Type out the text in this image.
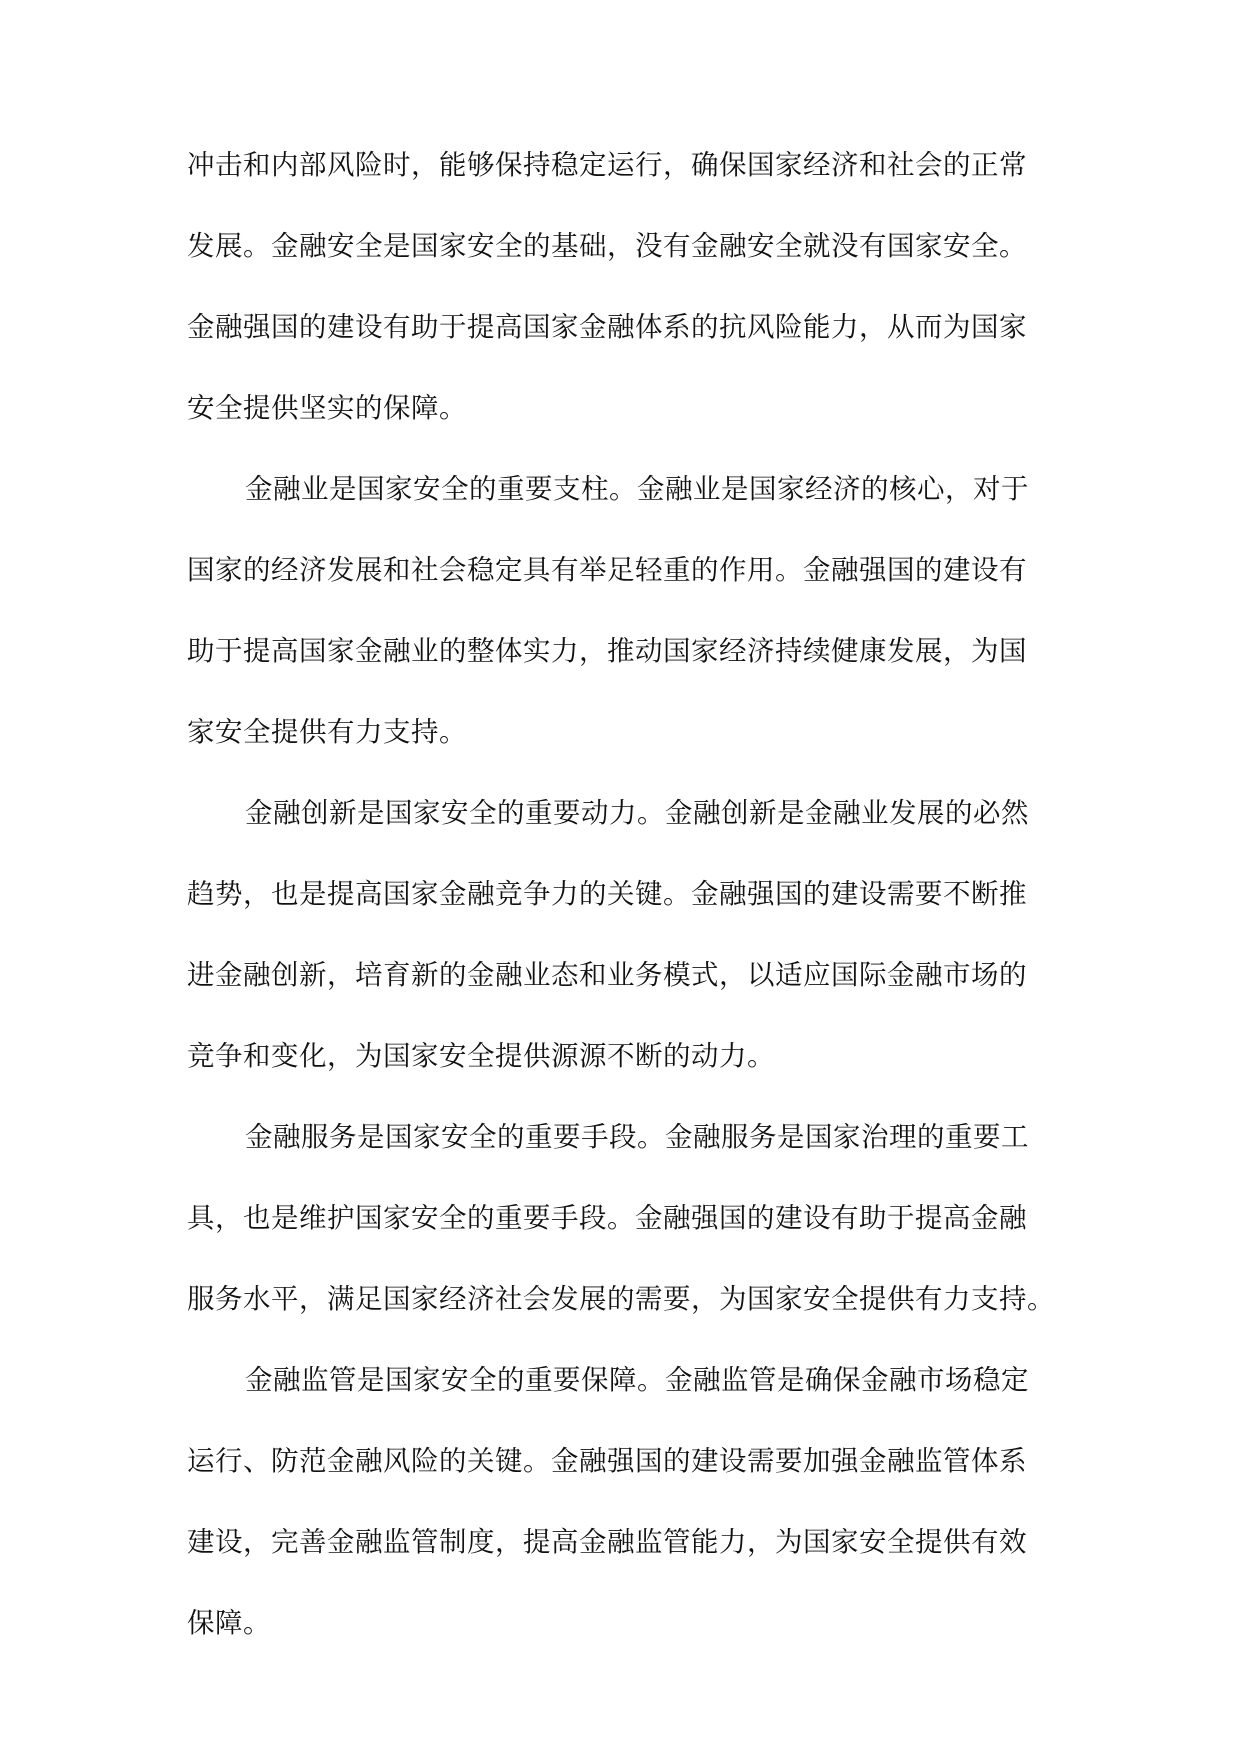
冲击和内部风险时，能够保持稳定运行，确保国家经济和社会的正常
发展。金融安全是国家安全的基础，没有金融安全就没有国家安全。
金融强国的建设有助于提高国家金融体系的抗风险能力，从而为国家
安全提供坚实的保障。
金融业是国家安全的重要支柱。金融业是国家经济的核心，对于
国家的经济发展和社会稳定具有举足轻重的作用。金融强国的建设有
助于提高国家金融业的整体实力，推动国家经济持续健康发展，为国
家安全提供有力支持。
金融创新是国家安全的重要动力。金融创新是金融业发展的必然
趋势，也是提高国家金融竞争力的关键。金融强国的建设需要不断推
进金融创新，培育新的金融业态和业务模式，以适应国际金融市场的
竞争和变化，为国家安全提供源源不断的动力。
金融服务是国家安全的重要手段。金融服务是国家治理的重要工
具，也是维护国家安全的重要手段。金融强国的建设有助于提高金融
服务水平，满足国家经济社会发展的需要，为国家安全提供有力支持。
金融监管是国家安全的重要保障。金融监管是确保金融市场稳定
运行、防范金融风险的关键。金融强国的建设需要加强金融监管体系
建设，完善金融监管制度，提高金融监管能力，为国家安全提供有效
保障。
